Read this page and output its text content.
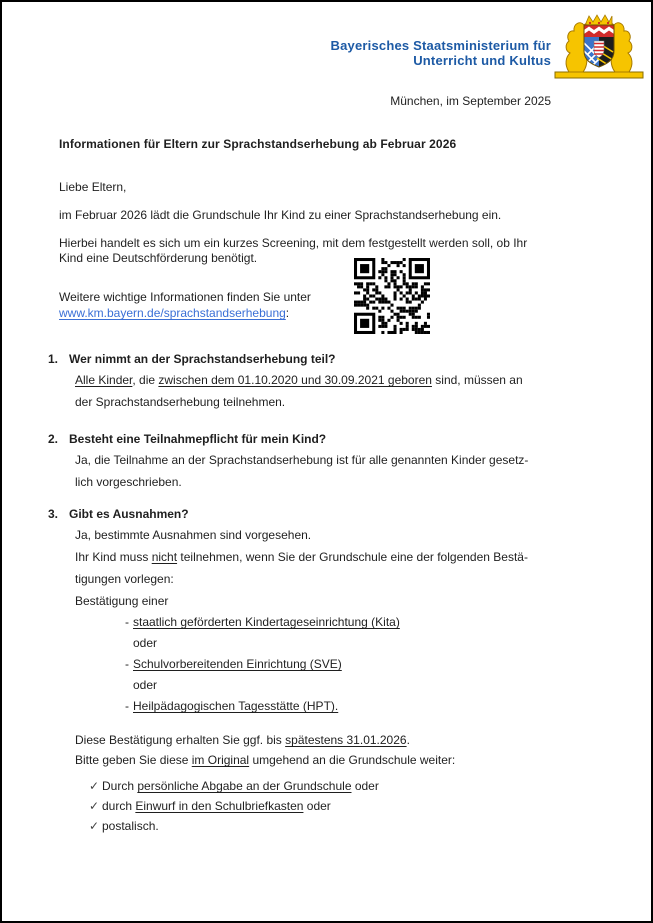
Bayerisches Staatsministerium für
Unterricht und Kultus
München, im September 2025
Informationen für Eltern zur Sprachstandserhebung ab Februar 2026
Liebe Eltern,
im Februar 2026 lädt die Grundschule Ihr Kind zu einer Sprachstandserhebung ein.
Hierbei handelt es sich um ein kurzes Screening, mit dem festgestellt werden soll, ob Ihr
Kind eine Deutschförderung benötigt.
Weitere wichtige Informationen finden Sie unter
www.km.bayern.de/sprachstandserhebung:
1. Wer nimmt an der Sprachstandserhebung teil?
Alle Kinder, die zwischen dem 01.10.2020 und 30.09.2021 geboren sind, müssen an
der Sprachstandserhebung teilnehmen.
2. Besteht eine Teilnahmepflicht für mein Kind?
Ja, die Teilnahme an der Sprachstandserhebung ist für alle genannten Kinder gesetz-
lich vorgeschrieben.
3. Gibt es Ausnahmen?
Ja, bestimmte Ausnahmen sind vorgesehen.
Ihr Kind muss nicht teilnehmen, wenn Sie der Grundschule eine der folgenden Bestä-
tigungen vorlegen:
Bestätigung einer
- staatlich geförderten Kindertageseinrichtung (Kita)
oder
- Schulvorbereitenden Einrichtung (SVE)
oder
- Heilpädagogischen Tagesstätte (HPT).
Diese Bestätigung erhalten Sie ggf. bis spätestens 31.01.2026.
Bitte geben Sie diese im Original umgehend an die Grundschule weiter:
✓ Durch persönliche Abgabe an der Grundschule oder
✓ durch Einwurf in den Schulbriefkasten oder
✓ postalisch.
